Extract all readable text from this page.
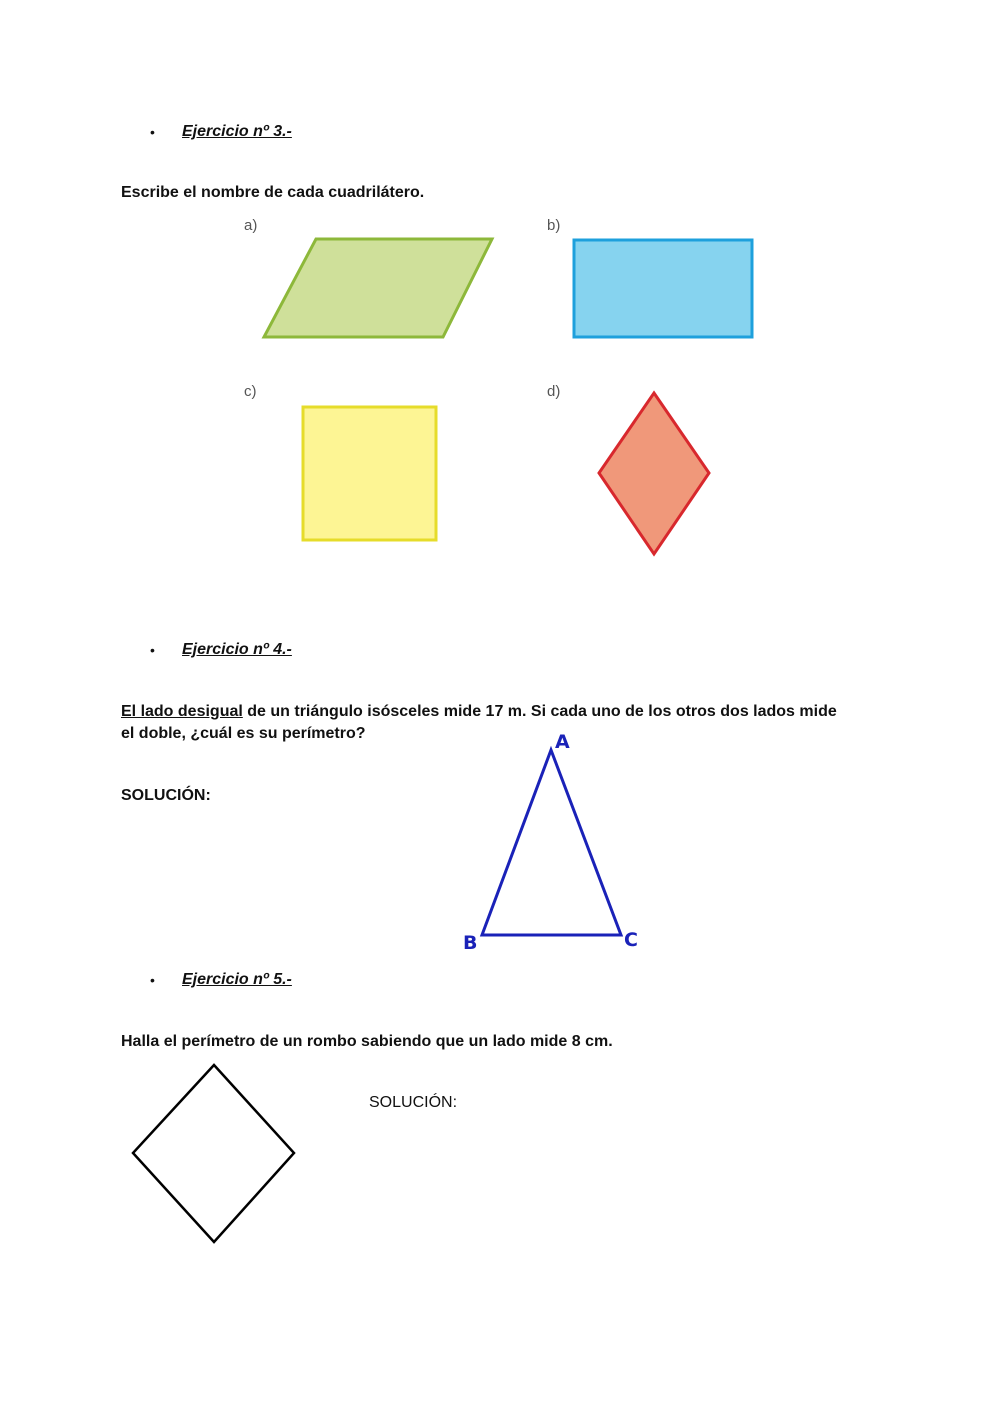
• Ejercicio nº 3.-
Escribe el nombre de cada cuadrilátero.
a)	b)
c)	d)
• Ejercicio nº 4.-
El lado desigual de un triángulo isósceles mide 17 m. Si cada uno de los otros dos lados mide
el doble, ¿cuál es su perímetro?
SOLUCIÓN:
A
B	C
• Ejercicio nº 5.-
Halla el perímetro de un rombo sabiendo que un lado mide 8 cm.
SOLUCIÓN:
